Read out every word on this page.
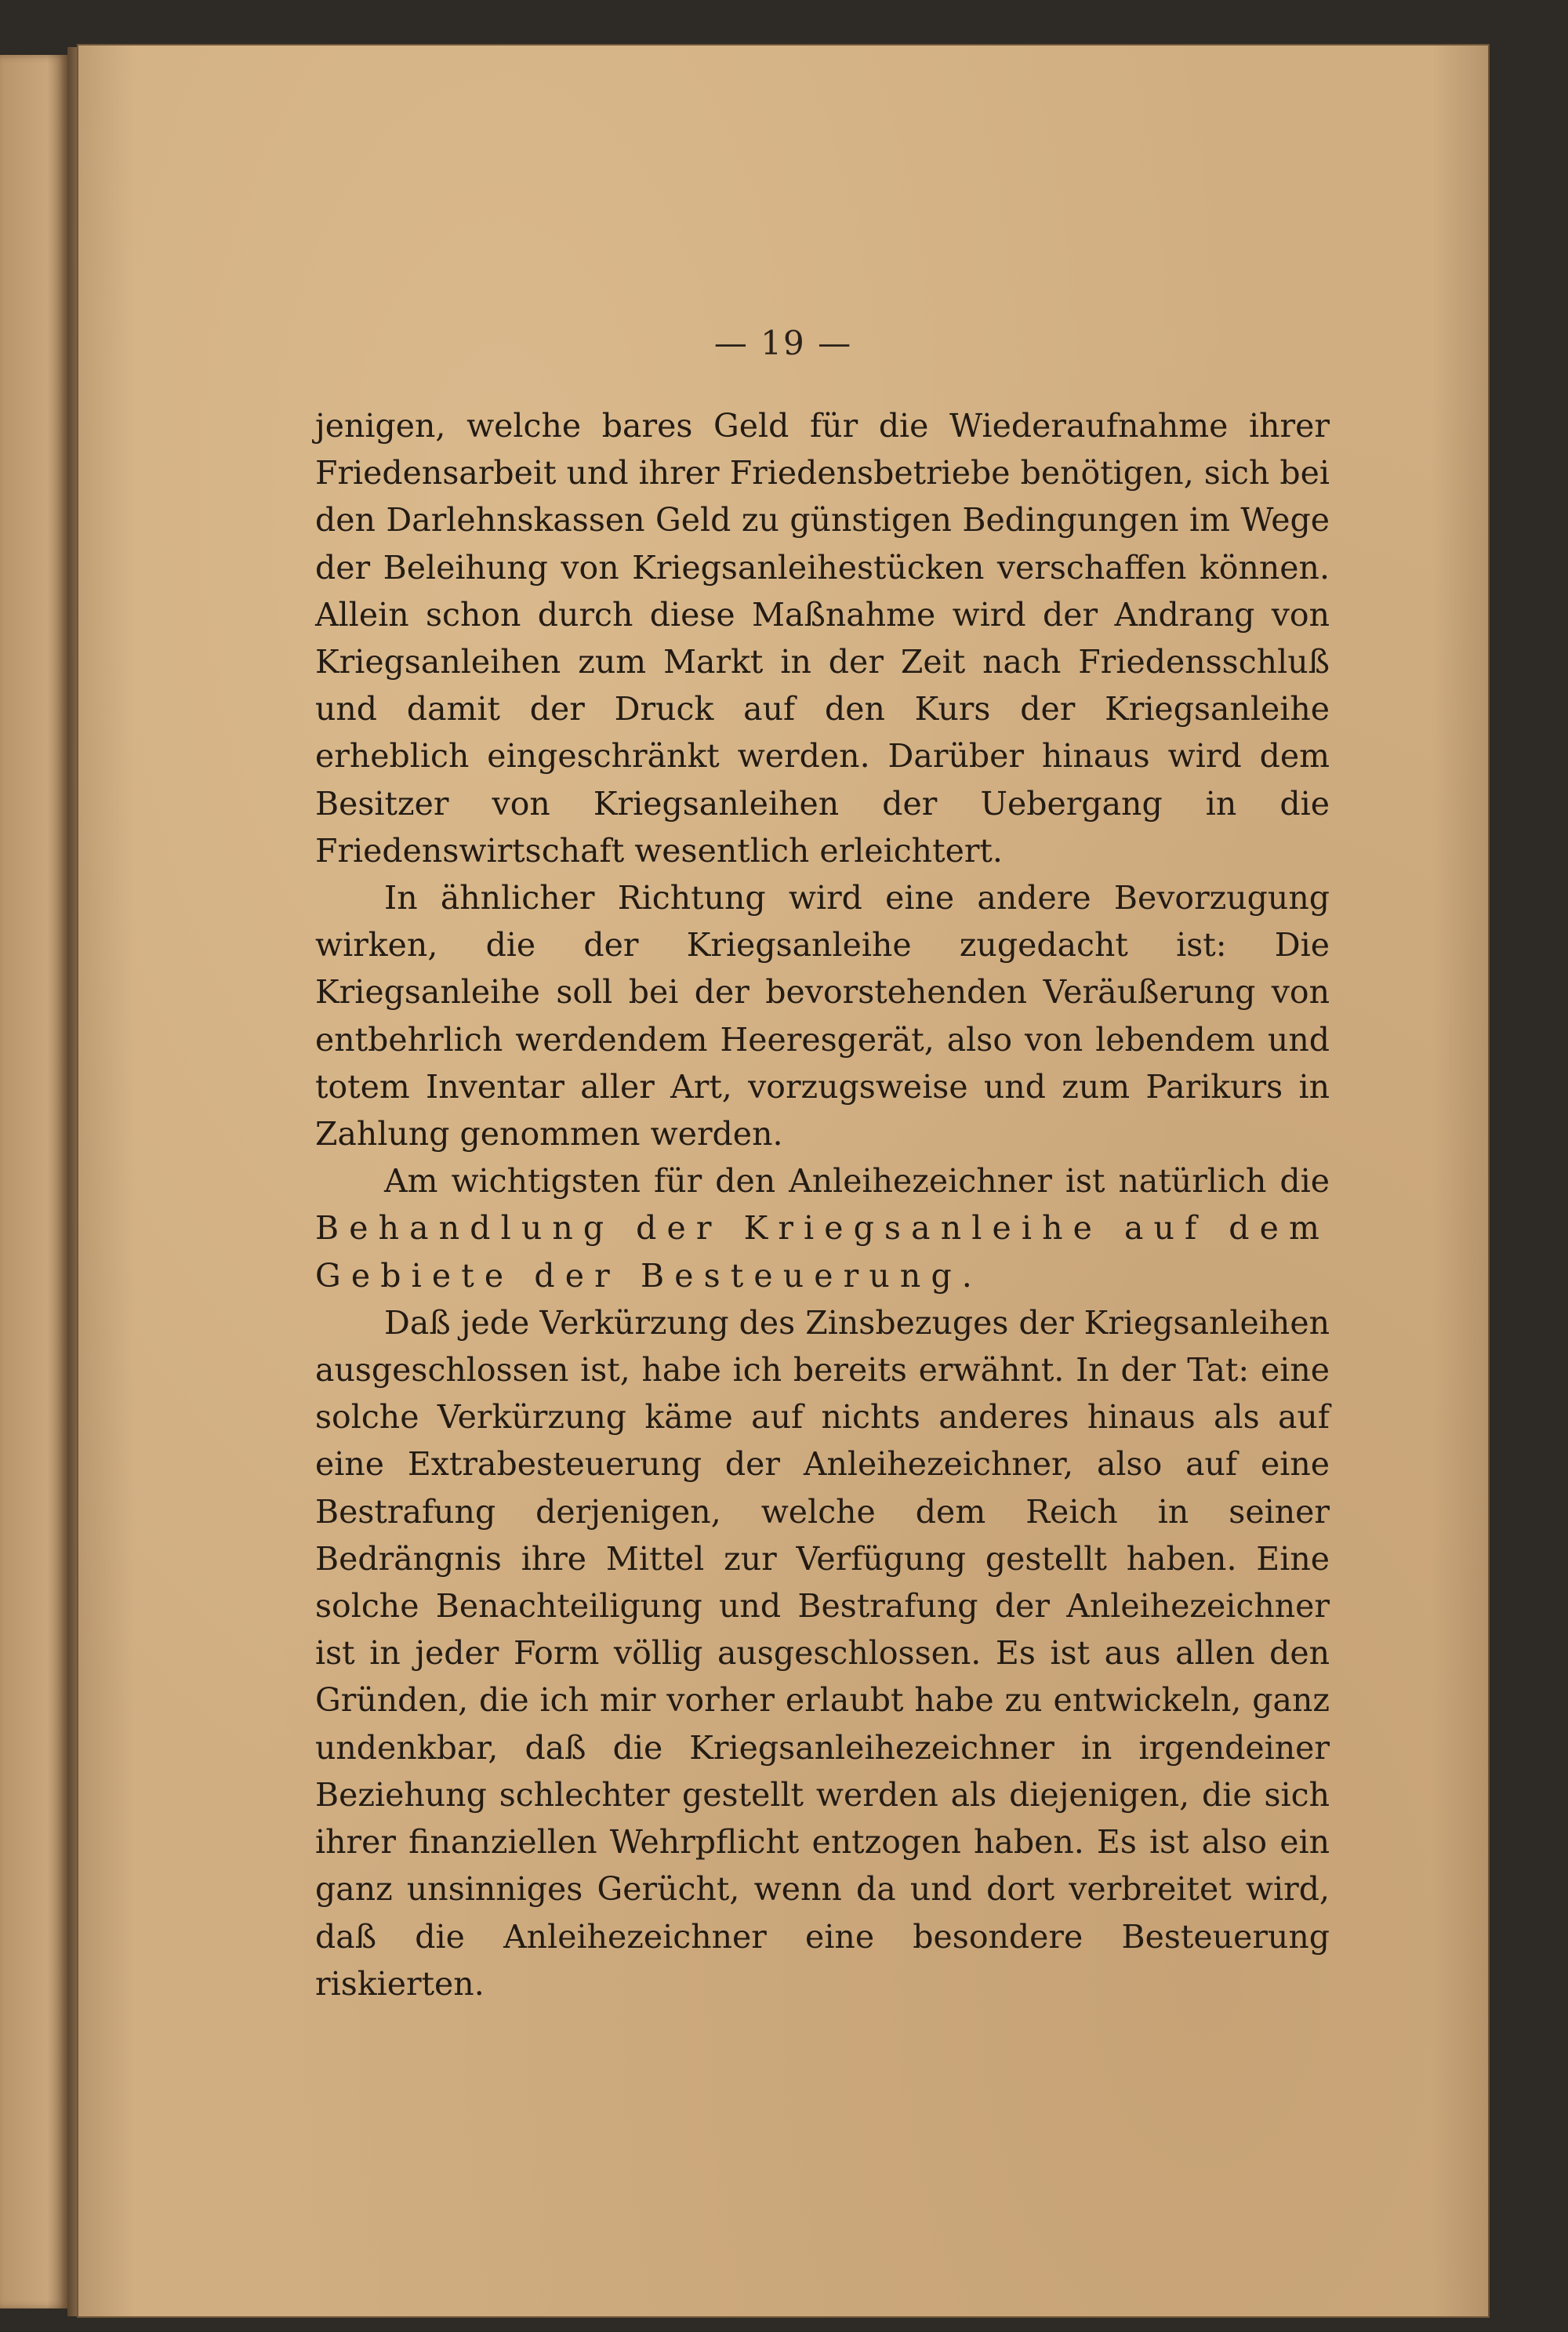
— 19 —

jenigen, welche bares Geld für die Wiederaufnahme ihrer Friedensarbeit und ihrer Friedensbetriebe benötigen, sich bei den Darlehnskassen Geld zu günstigen Bedingungen im Wege der Beleihung von Kriegsanleihestücken verschaffen können. Allein schon durch diese Maßnahme wird der Andrang von Kriegsanleihen zum Markt in der Zeit nach Friedensschluß und damit der Druck auf den Kurs der Kriegsanleihe erheblich eingeschränkt werden. Darüber hinaus wird dem Besitzer von Kriegsanleihen der Uebergang in die Friedenswirtschaft wesentlich erleichtert.

In ähnlicher Richtung wird eine andere Bevorzugung wirken, die der Kriegsanleihe zugedacht ist: Die Kriegsanleihe soll bei der bevorstehenden Veräußerung von entbehrlich werdendem Heeresgerät, also von lebendem und totem Inventar aller Art, vorzugsweise und zum Parikurs in Zahlung genommen werden.

Am wichtigsten für den Anleihezeichner ist natürlich die Behandlung der Kriegsanleihe auf dem Gebiete der Besteuerung.

Daß jede Verkürzung des Zinsbezuges der Kriegsanleihen ausgeschlossen ist, habe ich bereits erwähnt. In der Tat: eine solche Verkürzung käme auf nichts anderes hinaus als auf eine Extrabesteuerung der Anleihezeichner, also auf eine Bestrafung derjenigen, welche dem Reich in seiner Bedrängnis ihre Mittel zur Verfügung gestellt haben. Eine solche Benachteiligung und Bestrafung der Anleihezeichner ist in jeder Form völlig ausgeschlossen. Es ist aus allen den Gründen, die ich mir vorher erlaubt habe zu entwickeln, ganz undenkbar, daß die Kriegsanleihezeichner in irgendeiner Beziehung schlechter gestellt werden als diejenigen, die sich ihrer finanziellen Wehrpflicht entzogen haben. Es ist also ein ganz unsinniges Gerücht, wenn da und dort verbreitet wird, daß die Anleihezeichner eine besondere Besteuerung riskierten.
